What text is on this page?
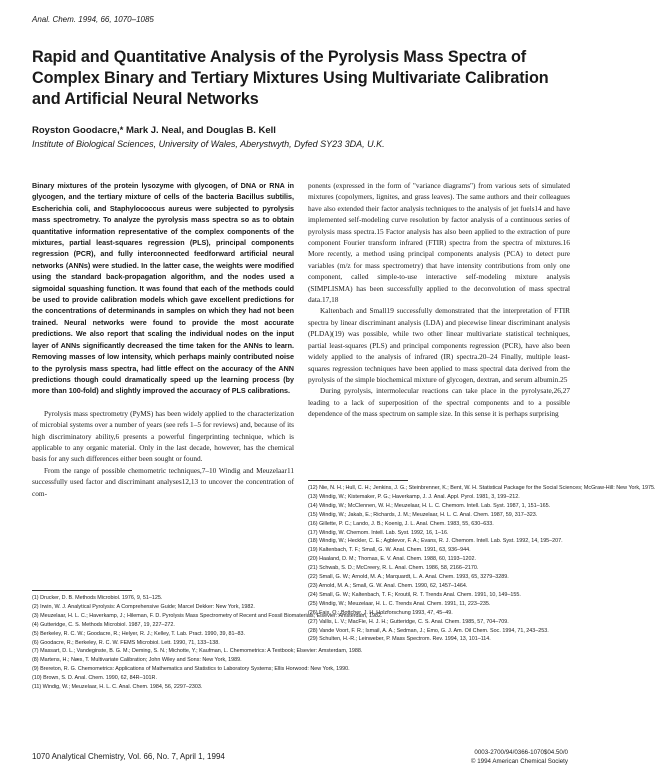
Anal. Chem. 1994, 66, 1070–1085
Rapid and Quantitative Analysis of the Pyrolysis Mass Spectra of Complex Binary and Tertiary Mixtures Using Multivariate Calibration and Artificial Neural Networks
Royston Goodacre,* Mark J. Neal, and Douglas B. Kell
Institute of Biological Sciences, University of Wales, Aberystwyth, Dyfed SY23 3DA, U.K.

Binary mixtures of the protein lysozyme with glycogen, of DNA or RNA in glycogen, and the tertiary mixture of cells of the bacteria Bacillus subtilis, Escherichia coli, and Staphylococcus aureus were subjected to pyrolysis mass spectrometry. To analyze the pyrolysis mass spectra so as to obtain quantitative information representative of the complex components of the mixtures, partial least-squares regression (PLS), principal components regression (PCR), and fully interconnected feedforward artificial neural networks (ANNs) were studied. In the latter case, the weights were modified using the standard back-propagation algorithm, and the nodes used a sigmoidal squashing function. It was found that each of the methods could be used to provide calibration models which gave excellent predictions for the concentrations of determinands in samples on which they had not been trained. Neural networks were found to provide the most accurate predictions. We also report that scaling the individual nodes on the input layer of ANNs significantly decreased the time taken for the ANNs to learn. Removing masses of low intensity, which perhaps mainly contributed noise to the pyrolysis mass spectra, had little effect on the accuracy of the ANN predictions though could dramatically speed up the learning process (by more than 100-fold) and slightly improved the accuracy of PLS calibrations.

Pyrolysis mass spectrometry (PyMS) has been widely applied to the characterization of microbial systems over a number of years (see refs 1–5 for reviews) and, because of its high discriminatory ability,6 presents a powerful fingerprinting technique, which is applicable to any organic material. Only in the last decade, however, has the chemical basis for any such differences either been sought or found.

From the range of possible chemometric techniques,7–10 Windig and Meuzelaar11 successfully used factor and discriminant analyses12,13 to uncover the concentration of com-

ponents (expressed in the form of "variance diagrams") from various sets of simulated mixtures (copolymers, lignites, and grass leaves). The same authors and their colleagues have also extended their factor analysis techniques to the analysis of jet fuels14 and have implemented self-modeling curve resolution by factor analysis of a continuous series of pyrolysis mass spectra.15 Factor analysis has also been applied to the extraction of pure component Fourier transform infrared (FTIR) spectra from the spectra of mixtures.16 More recently, a method using principal components analysis (PCA) to detect pure variables (m/z for mass spectrometry) that have intensity contributions from only one component, called simple-to-use interactive self-modeling mixture analysis (SIMPLISMA) has been successfully applied to the deconvolution of mass spectral data.17,18

Kaltenbach and Small19 successfully demonstrated that the interpretation of FTIR spectra by linear discriminant analysis (LDA) and piecewise linear discriminant analysis (PLDA)(19) was possible, while two other linear multivariate statistical techniques, partial least-squares (PLS) and principal components regression (PCR), have also been widely applied to the analysis of infrared (IR) spectra.20–24 Finally, multiple least-squares regression techniques have been applied to mass spectral data derived from the pyrolysis of the simple biochemical mixture of glycogen, dextran, and serum albumin.25

During pyrolysis, intermolecular reactions can take place in the pyrolysate,26,27 leading to a lack of superposition of the spectral components and to a possible dependence of the mass spectrum on sample size. In this sense it is perhaps surprising

(1) Drucker, D. B. Methods Microbiol. 1976, 9, 51–125.
(2) Irwin, W. J. Analytical Pyrolysis: A Comprehensive Guide; Marcel Dekker: New York, 1982.
(3) Meuzelaar, H. L. C.; Haverkamp, J.; Hileman, F. D. Pyrolysis Mass Spectrometry of Recent and Fossil Biomaterials; Elsevier: Amsterdam, 1982.
(4) Gutteridge, C. S. Methods Microbiol. 1987, 19, 227–272.
(5) Berkeley, R. C. W.; Goodacre, R.; Helyer, R. J.; Kelley, T. Lab. Pract. 1990, 39, 81–83.
(6) Goodacre, R.; Berkeley, R. C. W. FEMS Microbiol. Lett. 1990, 71, 133–138.
(7) Massart, D. L.; Vandeginste, B. G. M.; Deming, S. N.; Michotte, Y.; Kaufman, L. Chemometrics: A Textbook; Elsevier: Amsterdam, 1988.
(8) Martens, H.; Næs, T. Multivariate Calibration; John Wiley and Sons: New York, 1989.
(9) Brereton, R. G. Chemometrics: Applications of Mathematics and Statistics to Laboratory Systems; Ellis Horwood: New York, 1990.
(10) Brown, S. D. Anal. Chem. 1990, 62, 84R–101R.
(11) Windig, W.; Meuzelaar, H. L. C. Anal. Chem. 1984, 56, 2297–2303.
(12) Nie, N. H.; Hull, C. H.; Jenkins, J. G.; Steinbrenner, K.; Bent, W. H. Statistical Package for the Social Sciences; McGraw-Hill: New York, 1975.
(13) Windig, W.; Kistemaker, P. G.; Haverkamp, J. J. Anal. Appl. Pyrol. 1981, 3, 199–212.
(14) Windig, W.; McClennen, W. H.; Meuzelaar, H. L. C. Chemom. Intell. Lab. Syst. 1987, 1, 151–165.
(15) Windig, W.; Jakab, E.; Richards, J. M.; Meuzelaar, H. L. C. Anal. Chem. 1987, 59, 317–323.
(16) Gillette, P. C.; Lando, J. B.; Koenig, J. L. Anal. Chem. 1983, 55, 630–633.
(17) Windig, W. Chemom. Intell. Lab. Syst. 1992, 16, 1–16.
(18) Windig, W.; Heckler, C. E.; Agblevor, F. A.; Evans, R. J. Chemom. Intell. Lab. Syst. 1992, 14, 195–207.
(19) Kaltenbach, T. F.; Small, G. W. Anal. Chem. 1991, 63, 936–944.
(20) Haaland, D. M.; Thomas, E. V. Anal. Chem. 1988, 60, 1193–1202.
(21) Schwab, S. D.; McCreery, R. L. Anal. Chem. 1986, 58, 2166–2170.
(22) Small, G. W.; Arnold, M. A.; Marquardt, L. A. Anal. Chem. 1993, 65, 3279–3289.
(23) Arnold, M. A.; Small, G. W. Anal. Chem. 1990, 62, 1457–1464.
(24) Small, G. W.; Kaltenbach, T. F.; Kroutil, R. T. Trends Anal. Chem. 1991, 10, 149–155.
(25) Windig, W.; Meuzelaar, H. L. C. Trends Anal. Chem. 1991, 11, 223–235.
(26) Faix, O.; Bottcher, J. H. Holzforschung 1993, 47, 45–49.
(27) Vallis, L. V.; MacFie, H. J. H.; Gutteridge, C. S. Anal. Chem. 1985, 57, 704–709.
(28) Vande Voort, F. R.; Ismail, A. A.; Sedman, J.; Emo, G. J. Am. Oil Chem. Soc. 1994, 71, 243–253.
(29) Schulten, H.-R.; Leinweber, P. Mass Spectrom. Rev. 1994, 13, 101–114.
1070 Analytical Chemistry, Vol. 66, No. 7, April 1, 1994	0003-2700/94/0366-1070$04.50/0
© 1994 American Chemical Society
